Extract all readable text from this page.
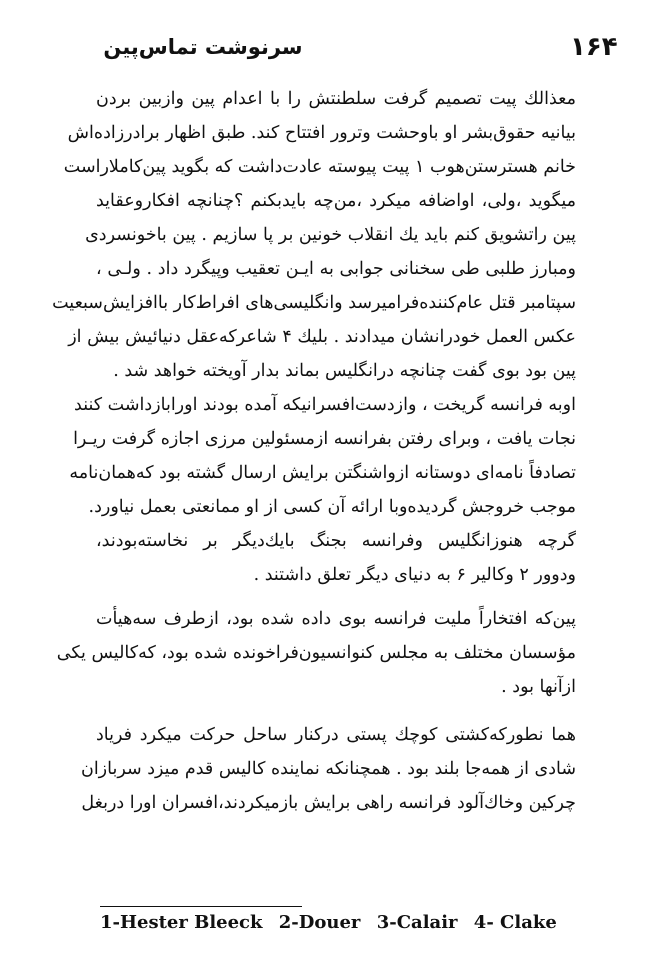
۱۶۴
سرنوشت تماس‌پین
معذالك پیت تصمیم گرفت سلطنتش را با اعدام پین وازبین بردن
بیانیه حقوق‌بشر او باوحشت وترور افتتاح کند. طبق اظهار برادرزاده‌اش
خانم هسترستن‌هوب ۱ پیت پیوسته عادت‌داشت که بگوید پین‌کاملاراست
میگوید ،ولی، اواضافه میکرد ،من‌چه بایدبکنم ؟چنانچه افکاروعقاید
پین راتشویق کنم باید یك انقلاب خونین بر پا سازیم . پین باخونسردی
ومبارز طلبی طی سخنانی جوابی به ایـن تعقیب وپیگرد داد . ولـی ،
سپتامبر قتل عام‌کننده‌فرامیرسد وانگلیسی‌های افراط‌کار باافزایش‌سبعیت
عکس العمل خودرانشان میدادند . بلیك ۴ شاعرکه‌عقل دنیائیش بیش از
پین بود بوی گفت چنانچه درانگلیس بماند بدار آویخته خواهد شد .
اوبه فرانسه گریخت ، وازدست‌افسرانیکه آمده بودند اورابازداشت کنند
نجات یافت ، وبرای رفتن بفرانسه ازمسئولین مرزی اجازه گرفت ریـرا
تصادفاً نامه‌ای دوستانه ازواشنگتن برایش ارسال گشته بود که‌همان‌نامه
موجب خروجش گردیده‌وبا ارائه آن کسی از او ممانعتی بعمل نیاورد.
گرچه هنوزانگلیس وفرانسه بجنگ بایك‌دیگر بر نخاسته‌بودند،
ودوور ۲ وکالیر ۶ به دنیای دیگر تعلق داشتند .
پین‌که افتخاراً ملیت فرانسه بوی داده شده بود، ازطرف سه‌هیأت
مؤسسان مختلف به مجلس کنوانسیون‌فراخونده شده بود، که‌کالیس یکی
ازآنها بود .
هما نطورکه‌کشتی کوچك پستی درکنار ساحل حرکت میکرد فریاد
شادی از همه‌جا بلند بود . همچنانکه نماینده کالیس قدم میزد سربازان
چرکین وخاك‌آلود فرانسه راهی برایش بازمیکردند،افسران اورا دربغل
1-Hester Bleeck 2-Douer 3-Calair 4- Clake
